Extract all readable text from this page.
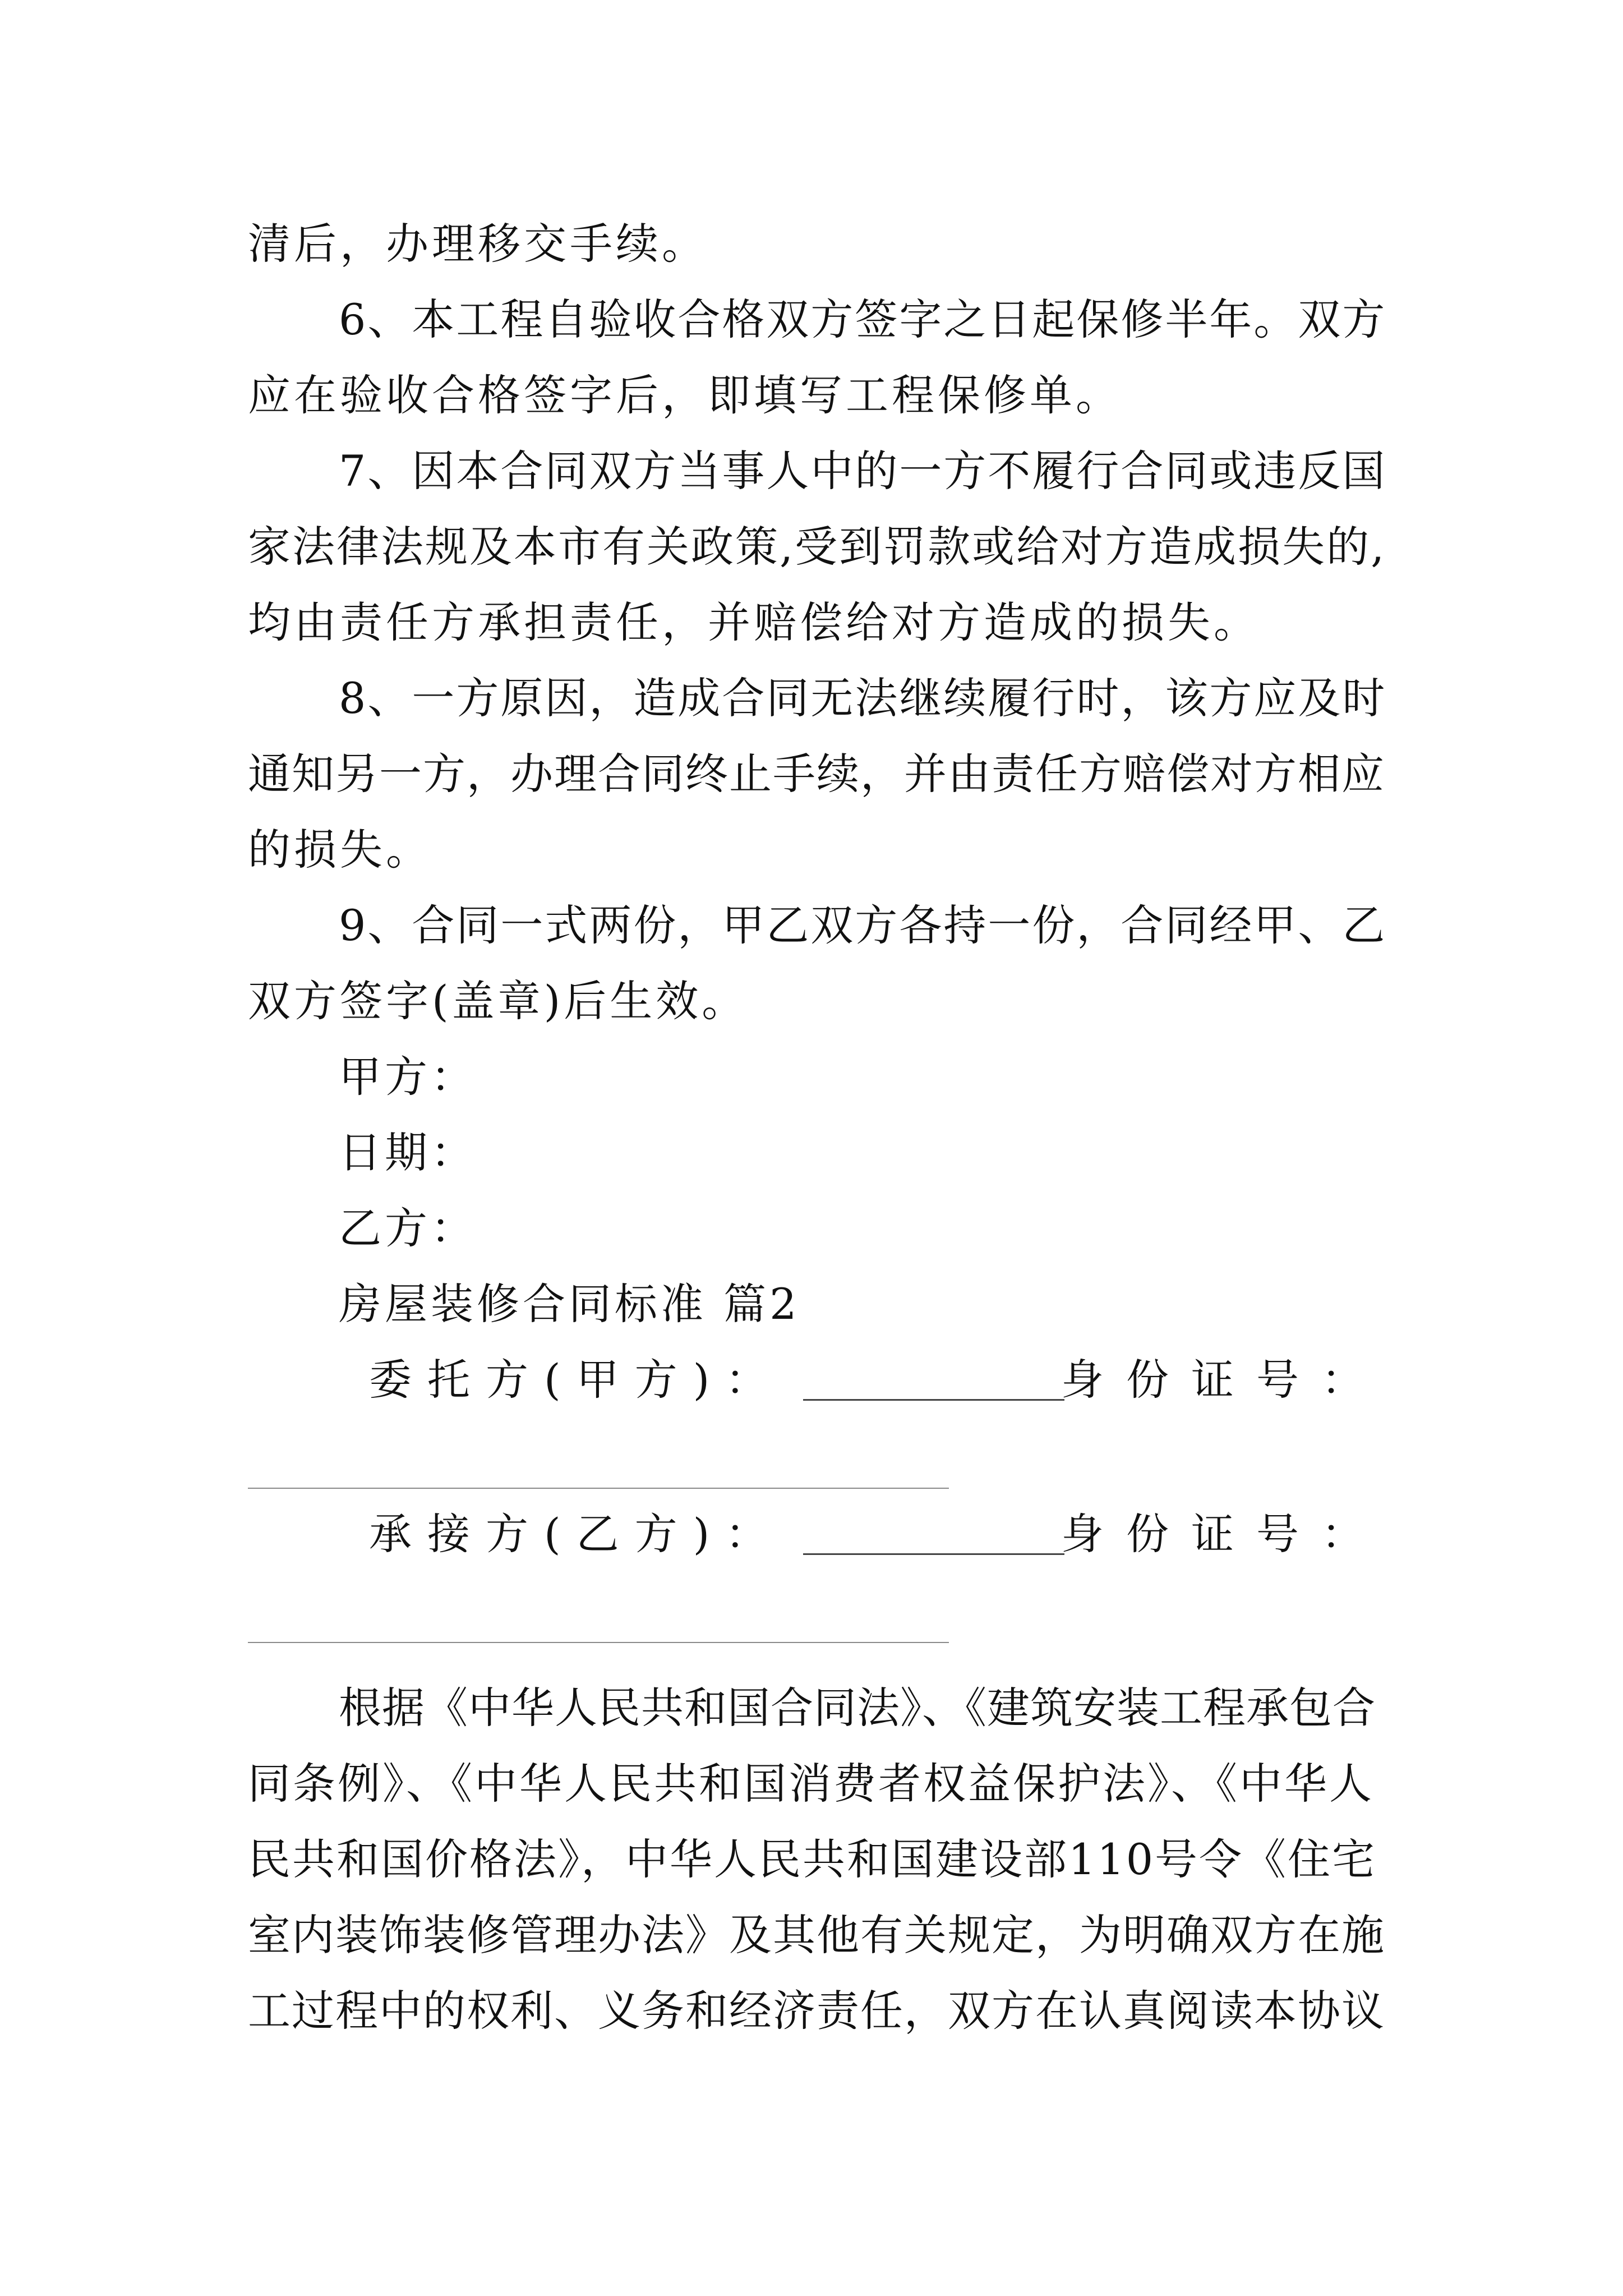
清后，办理移交手续。
6、本工程自验收合格双方签字之日起保修半年。双方
应在验收合格签字后，即填写工程保修单。
7、因本合同双方当事人中的一方不履行合同或违反国
家法律法规及本市有关政策,受到罚款或给对方造成损失的,
均由责任方承担责任，并赔偿给对方造成的损失。
8、一方原因，造成合同无法继续履行时，该方应及时
通知另一方，办理合同终止手续，并由责任方赔偿对方相应
的损失。
9、合同一式两份，甲乙双方各持一份，合同经甲、乙
双方签字(盖章)后生效。
甲方：
日期：
乙方：
房屋装修合同标准 篇2
委托方(甲方)：	身份证号：
承接方(乙方)：	身份证号：
根据《中华人民共和国合同法》、《建筑安装工程承包合
同条例》、《中华人民共和国消费者权益保护法》、《中华人
民共和国价格法》，中华人民共和国建设部110号令《住宅
室内装饰装修管理办法》及其他有关规定，为明确双方在施
工过程中的权利、义务和经济责任，双方在认真阅读本协议
